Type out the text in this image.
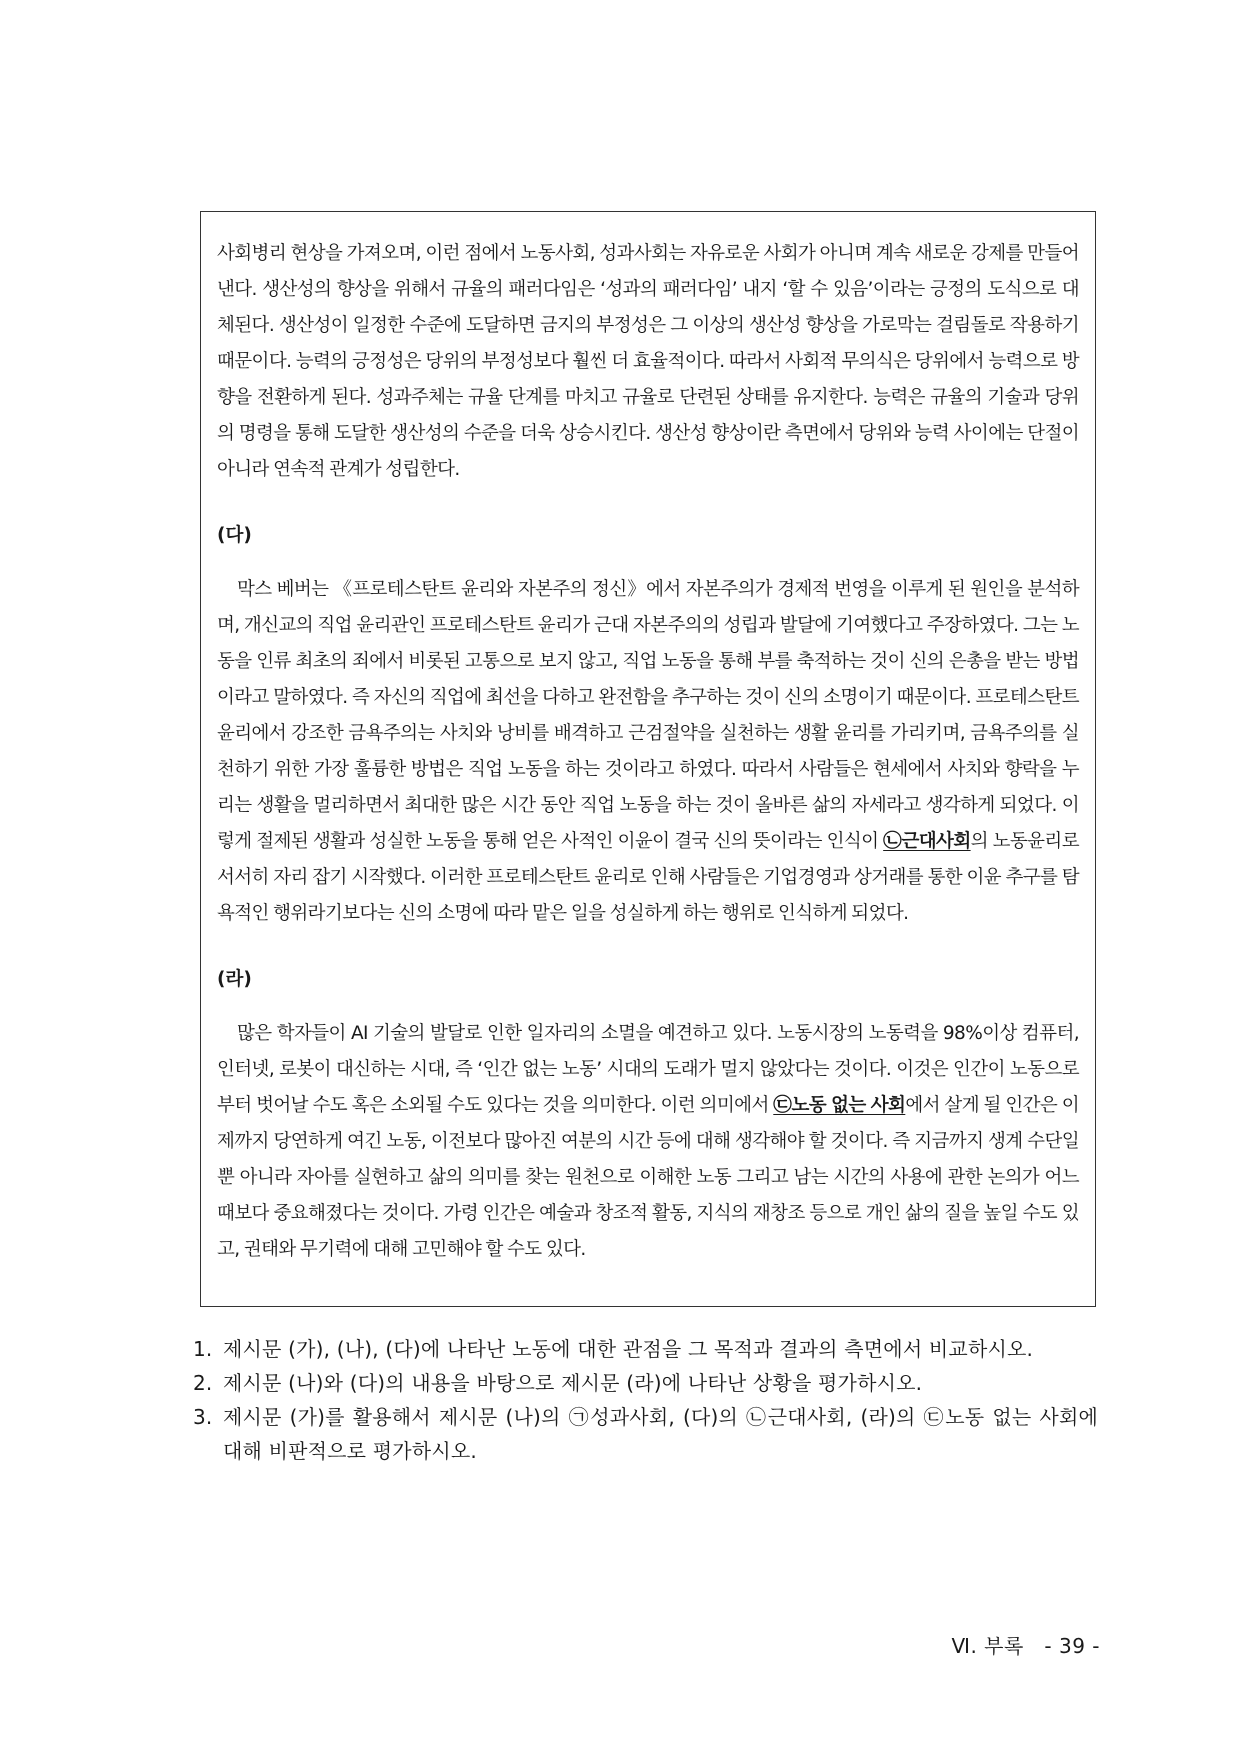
사회병리 현상을 가져오며, 이런 점에서 노동사회, 성과사회는 자유로운 사회가 아니며 계속 새로운 강제를 만들어낸다. 생산성의 향상을 위해서 규율의 패러다임은 ‘성과의 패러다임’ 내지 ‘할 수 있음’이라는 긍정의 도식으로 대체된다. 생산성이 일정한 수준에 도달하면 금지의 부정성은 그 이상의 생산성 향상을 가로막는 걸림돌로 작용하기 때문이다. 능력의 긍정성은 당위의 부정성보다 훨씬 더 효율적이다. 따라서 사회적 무의식은 당위에서 능력으로 방향을 전환하게 된다. 성과주체는 규율 단계를 마치고 규율로 단련된 상태를 유지한다. 능력은 규율의 기술과 당위의 명령을 통해 도달한 생산성의 수준을 더욱 상승시킨다. 생산성 향상이란 측면에서 당위와 능력 사이에는 단절이 아니라 연속적 관계가 성립한다.

(다)

막스 베버는 《프로테스탄트 윤리와 자본주의 정신》에서 자본주의가 경제적 번영을 이루게 된 원인을 분석하며, 개신교의 직업 윤리관인 프로테스탄트 윤리가 근대 자본주의의 성립과 발달에 기여했다고 주장하였다. 그는 노동을 인류 최초의 죄에서 비롯된 고통으로 보지 않고, 직업 노동을 통해 부를 축적하는 것이 신의 은총을 받는 방법이라고 말하였다. 즉 자신의 직업에 최선을 다하고 완전함을 추구하는 것이 신의 소명이기 때문이다. 프로테스탄트 윤리에서 강조한 금욕주의는 사치와 낭비를 배격하고 근검절약을 실천하는 생활 윤리를 가리키며, 금욕주의를 실천하기 위한 가장 훌륭한 방법은 직업 노동을 하는 것이라고 하였다. 따라서 사람들은 현세에서 사치와 향락을 누리는 생활을 멀리하면서 최대한 많은 시간 동안 직업 노동을 하는 것이 올바른 삶의 자세라고 생각하게 되었다. 이렇게 절제된 생활과 성실한 노동을 통해 얻은 사적인 이윤이 결국 신의 뜻이라는 인식이 ㉡근대사회의 노동윤리로 서서히 자리 잡기 시작했다. 이러한 프로테스탄트 윤리로 인해 사람들은 기업경영과 상거래를 통한 이윤 추구를 탐욕적인 행위라기보다는 신의 소명에 따라 맡은 일을 성실하게 하는 행위로 인식하게 되었다.

(라)

많은 학자들이 AI 기술의 발달로 인한 일자리의 소멸을 예견하고 있다. 노동시장의 노동력을 98%이상 컴퓨터, 인터넷, 로봇이 대신하는 시대, 즉 ‘인간 없는 노동’ 시대의 도래가 멀지 않았다는 것이다. 이것은 인간이 노동으로부터 벗어날 수도 혹은 소외될 수도 있다는 것을 의미한다. 이런 의미에서 ㉢노동 없는 사회에서 살게 될 인간은 이제까지 당연하게 여긴 노동, 이전보다 많아진 여분의 시간 등에 대해 생각해야 할 것이다. 즉 지금까지 생계 수단일 뿐 아니라 자아를 실현하고 삶의 의미를 찾는 원천으로 이해한 노동 그리고 남는 시간의 사용에 관한 논의가 어느 때보다 중요해졌다는 것이다. 가령 인간은 예술과 창조적 활동, 지식의 재창조 등으로 개인 삶의 질을 높일 수도 있고, 권태와 무기력에 대해 고민해야 할 수도 있다.

1. 제시문 (가), (나), (다)에 나타난 노동에 대한 관점을 그 목적과 결과의 측면에서 비교하시오.
2. 제시문 (나)와 (다)의 내용을 바탕으로 제시문 (라)에 나타난 상황을 평가하시오.
3. 제시문 (가)를 활용해서 제시문 (나)의 ㉠성과사회, (다)의 ㉡근대사회, (라)의 ㉢노동 없는 사회에 대해 비판적으로 평가하시오.
Ⅵ. 부록 - 39 -
